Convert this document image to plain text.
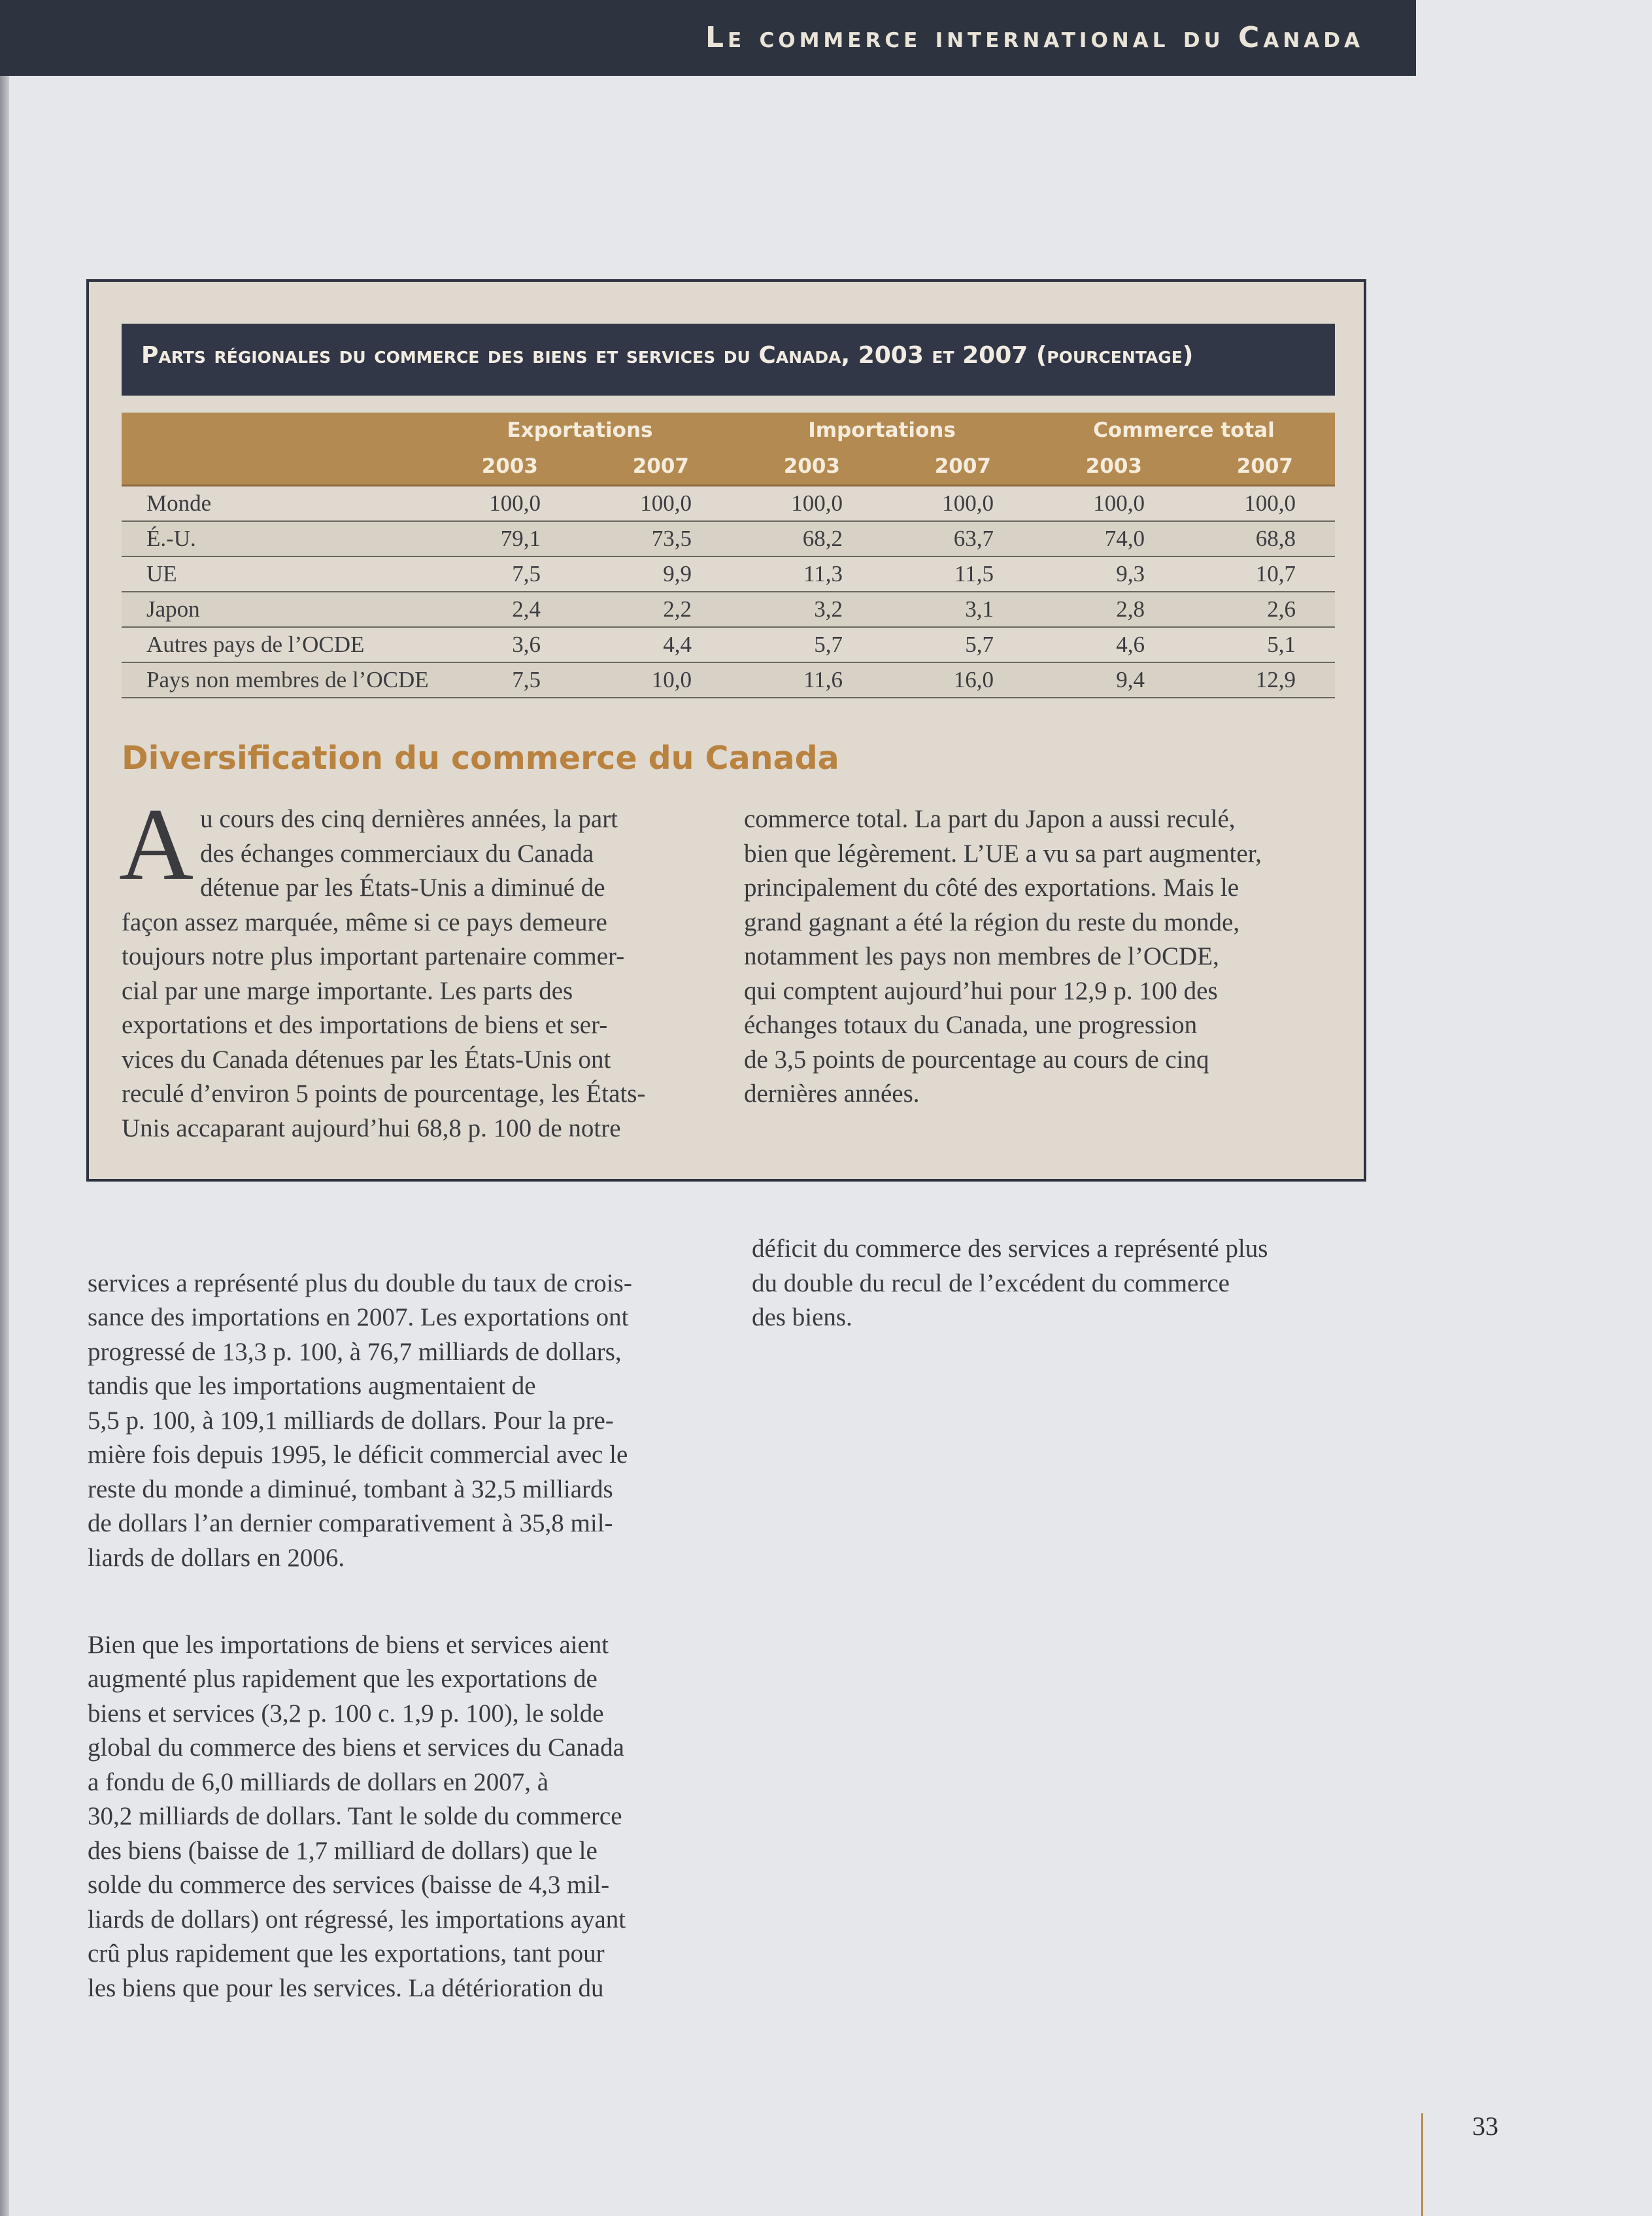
Le commerce international du Canada
Parts régionales du commerce des biens et services du Canada, 2003 et 2007 (pourcentage)
	Exportations		Importations		Commerce total	
	2003	2007	2003	2007	2003	2007
Monde	100,0	100,0	100,0	100,0	100,0	100,0
É.-U.	79,1	73,5	68,2	63,7	74,0	68,8
UE	7,5	9,9	11,3	11,5	9,3	10,7
Japon	2,4	2,2	3,2	3,1	2,8	2,6
Autres pays de l’OCDE	3,6	4,4	5,7	5,7	4,6	5,1
Pays non membres de l’OCDE	7,5	10,0	11,6	16,0	9,4	12,9
Diversification du commerce du Canada
Au cours des cinq dernières années, la part
des échanges commerciaux du Canada
détenue par les États-Unis a diminué de
façon assez marquée, même si ce pays demeure
toujours notre plus important partenaire commer-
cial par une marge importante. Les parts des
exportations et des importations de biens et ser-
vices du Canada détenues par les États-Unis ont
reculé d’environ 5 points de pourcentage, les États-
Unis accaparant aujourd’hui 68,8 p. 100 de notre
commerce total. La part du Japon a aussi reculé,
bien que légèrement. L’UE a vu sa part augmenter,
principalement du côté des exportations. Mais le
grand gagnant a été la région du reste du monde,
notamment les pays non membres de l’OCDE,
qui comptent aujourd’hui pour 12,9 p. 100 des
échanges totaux du Canada, une progression
de 3,5 points de pourcentage au cours de cinq
dernières années.

services a représenté plus du double du taux de crois-
sance des importations en 2007. Les exportations ont
progressé de 13,3 p. 100, à 76,7 milliards de dollars,
tandis que les importations augmentaient de
5,5 p. 100, à 109,1 milliards de dollars. Pour la pre-
mière fois depuis 1995, le déficit commercial avec le
reste du monde a diminué, tombant à 32,5 milliards
de dollars l’an dernier comparativement à 35,8 mil-
liards de dollars en 2006.

Bien que les importations de biens et services aient
augmenté plus rapidement que les exportations de
biens et services (3,2 p. 100 c. 1,9 p. 100), le solde
global du commerce des biens et services du Canada
a fondu de 6,0 milliards de dollars en 2007, à
30,2 milliards de dollars. Tant le solde du commerce
des biens (baisse de 1,7 milliard de dollars) que le
solde du commerce des services (baisse de 4,3 mil-
liards de dollars) ont régressé, les importations ayant
crû plus rapidement que les exportations, tant pour
les biens que pour les services. La détérioration du

déficit du commerce des services a représenté plus
du double du recul de l’excédent du commerce
des biens.
33
